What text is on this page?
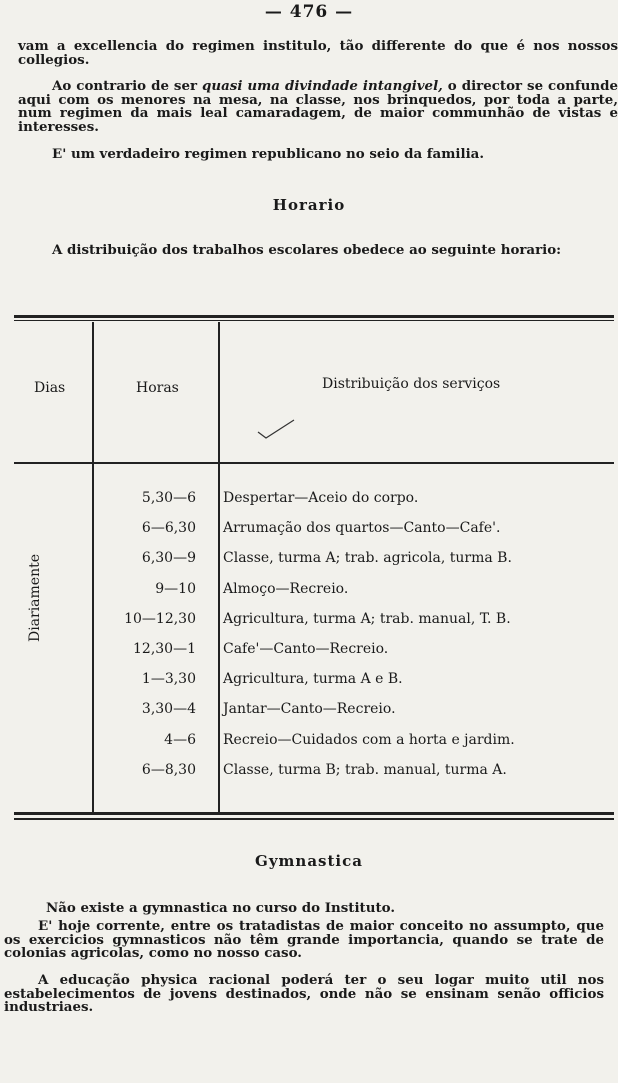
— 476 —

vam a excellencia do regimen institulo, tão differente do que é nos nossos collegios.

Ao contrario de ser quasi uma divindade intangivel, o director se confunde aqui com os menores na mesa, na classe, nos brinquedos, por toda a parte, num regimen da mais leal camaradagem, de maior communhão de vistas e interesses.

E' um verdadeiro regimen republicano no seio da familia.

Horario

A distribuição dos trabalhos escolares obedece ao seguinte horario:

Dias	Horas	Distribuição dos serviços
Diariamente
5,30—6 Despertar—Aceio do corpo.
6—6,30 Arrumação dos quartos—Canto—Cafe'.
6,30—9 Classe, turma A; trab. agricola, turma B.
9—10 Almoço—Recreio.
10—12,30 Agricultura, turma A; trab. manual, T. B.
12,30—1 Cafe'—Canto—Recreio.
1—3,30 Agricultura, turma A e B.
3,30—4 Jantar—Canto—Recreio.
4—6 Recreio—Cuidados com a horta e jardim.
6—8,30 Classe, turma B; trab. manual, turma A.
Gymnastica

Não existe a gymnastica no curso do Instituto.

E' hoje corrente, entre os tratadistas de maior conceito no assumpto, que os exercicios gymnasticos não têm grande importancia, quando se trate de colonias agricolas, como no nosso caso.

A educação physica racional poderá ter o seu logar muito util nos estabelecimentos de jovens destinados, onde não se ensinam senão officios industriaes.
